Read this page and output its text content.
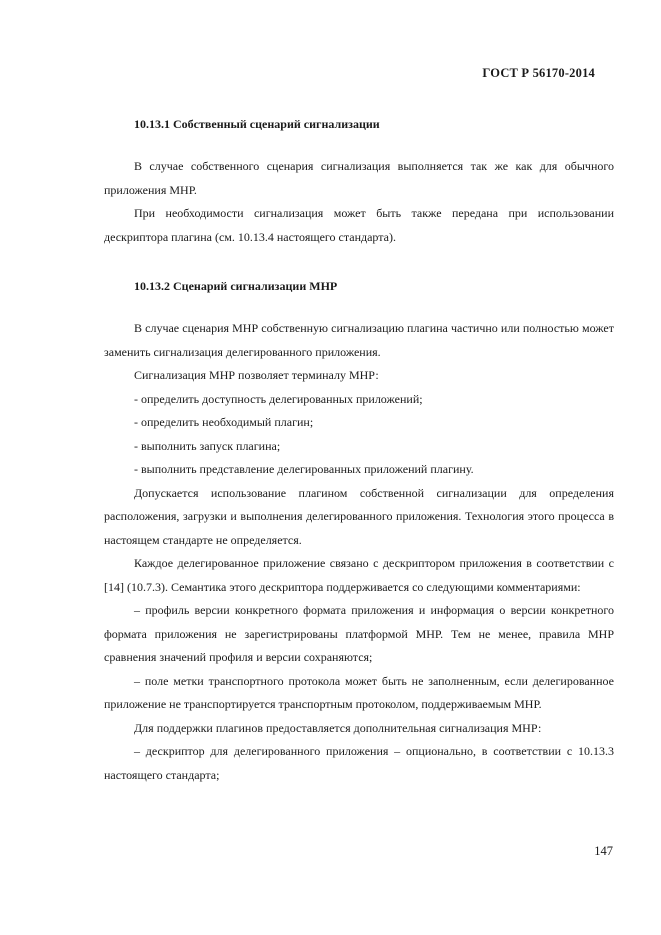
ГОСТ Р 56170-2014
10.13.1 Собственный сценарий сигнализации

В случае собственного сценария сигнализация выполняется так же как для обычного приложения МНР.

При необходимости сигнализация может быть также передана при использовании дескриптора плагина (см. 10.13.4 настоящего стандарта).

10.13.2 Сценарий сигнализации МНР

В случае сценария МНР собственную сигнализацию плагина частично или полностью может заменить сигнализация делегированного приложения.

Сигнализация МНР позволяет терминалу МНР:

- определить доступность делегированных приложений;

- определить необходимый плагин;

- выполнить запуск плагина;

- выполнить представление делегированных приложений плагину.

Допускается использование плагином собственной сигнализации для определения расположения, загрузки и выполнения делегированного приложения. Технология этого процесса в настоящем стандарте не определяется.

Каждое делегированное приложение связано с дескриптором приложения в соответствии с [14] (10.7.3). Семантика этого дескриптора поддерживается со следующими комментариями:

– профиль версии конкретного формата приложения и информация о версии конкретного формата приложения не зарегистрированы платформой МНР. Тем не менее, правила МНР сравнения значений профиля и версии сохраняются;

– поле метки транспортного протокола может быть не заполненным, если делегированное приложение не транспортируется транспортным протоколом, поддерживаемым МНР.

Для поддержки плагинов предоставляется дополнительная сигнализация МНР:

– дескриптор для делегированного приложения – опционально, в соответствии с 10.13.3 настоящего стандарта;

147
